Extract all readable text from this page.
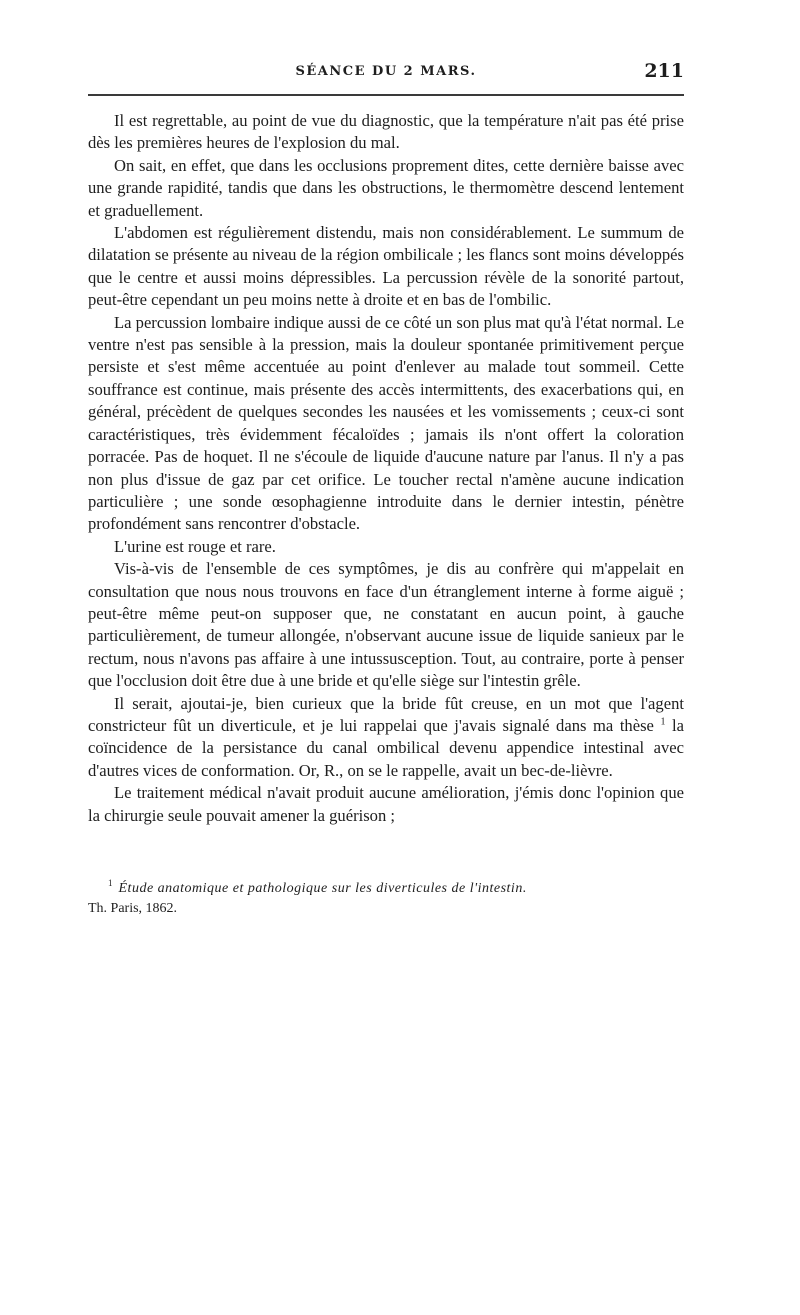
SÉANCE DU 2 MARS.	211

Il est regrettable, au point de vue du diagnostic, que la température n'ait pas été prise dès les premières heures de l'explosion du mal.

On sait, en effet, que dans les occlusions proprement dites, cette dernière baisse avec une grande rapidité, tandis que dans les obstructions, le thermomètre descend lentement et graduellement.

L'abdomen est régulièrement distendu, mais non considérablement. Le summum de dilatation se présente au niveau de la région ombilicale ; les flancs sont moins développés que le centre et aussi moins dépressibles. La percussion révèle de la sonorité partout, peut-être cependant un peu moins nette à droite et en bas de l'ombilic.

La percussion lombaire indique aussi de ce côté un son plus mat qu'à l'état normal. Le ventre n'est pas sensible à la pression, mais la douleur spontanée primitivement perçue persiste et s'est même accentuée au point d'enlever au malade tout sommeil. Cette souffrance est continue, mais présente des accès intermittents, des exacerbations qui, en général, précèdent de quelques secondes les nausées et les vomissements ; ceux-ci sont caractéristiques, très évidemment fécaloïdes ; jamais ils n'ont offert la coloration porracée. Pas de hoquet. Il ne s'écoule de liquide d'aucune nature par l'anus. Il n'y a pas non plus d'issue de gaz par cet orifice. Le toucher rectal n'amène aucune indication particulière ; une sonde œsophagienne introduite dans le dernier intestin, pénètre profondément sans rencontrer d'obstacle.

L'urine est rouge et rare.

Vis-à-vis de l'ensemble de ces symptômes, je dis au confrère qui m'appelait en consultation que nous nous trouvons en face d'un étranglement interne à forme aiguë ; peut-être même peut-on supposer que, ne constatant en aucun point, à gauche particulièrement, de tumeur allongée, n'observant aucune issue de liquide sanieux par le rectum, nous n'avons pas affaire à une intussusception. Tout, au contraire, porte à penser que l'occlusion doit être due à une bride et qu'elle siège sur l'intestin grêle.

Il serait, ajoutai-je, bien curieux que la bride fût creuse, en un mot que l'agent constricteur fût un diverticule, et je lui rappelai que j'avais signalé dans ma thèse $^1$ la coïncidence de la persistance du canal ombilical devenu appendice intestinal avec d'autres vices de conformation. Or, R., on se le rappelle, avait un bec-de-lièvre.

Le traitement médical n'avait produit aucune amélioration, j'émis donc l'opinion que la chirurgie seule pouvait amener la guérison ;

$^1$ Étude anatomique et pathologique sur les diverticules de l'intestin.
Th. Paris, 1862.
